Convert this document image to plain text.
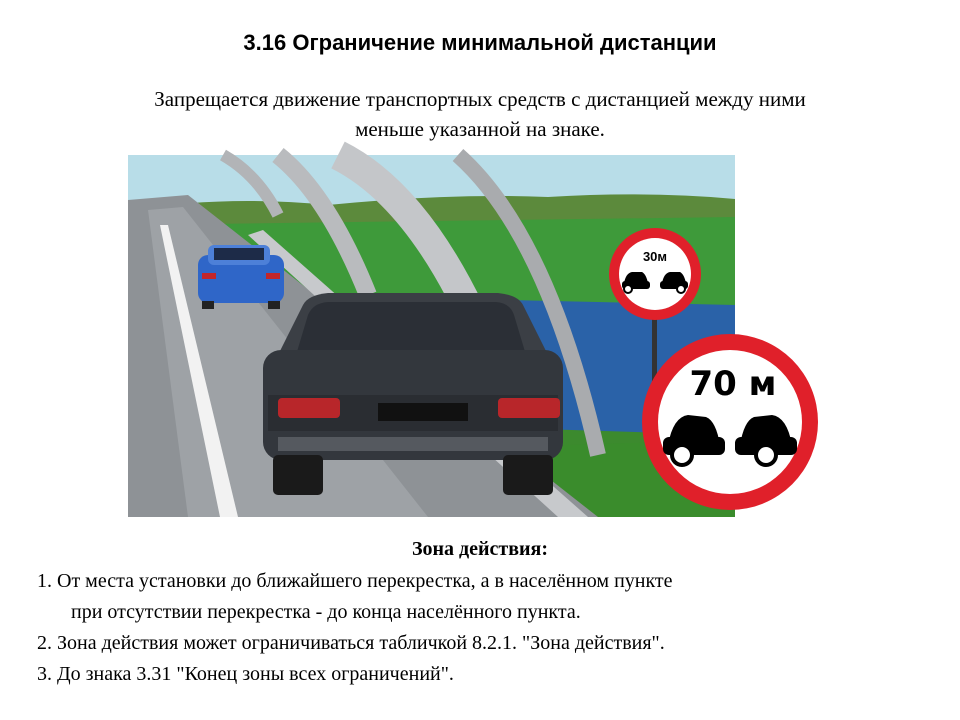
3.16 Ограничение минимальной дистанции
Запрещается движение транспортных средств с дистанцией между ними
меньше указанной на знаке.
30м
70 м
Зона действия:
1. От места установки до ближайшего перекрестка, а в населённом пункте
при отсутствии перекрестка - до конца населённого пункта.
2. Зона действия может ограничиваться табличкой 8.2.1. "Зона действия".
3. До знака 3.31 "Конец зоны всех ограничений".
